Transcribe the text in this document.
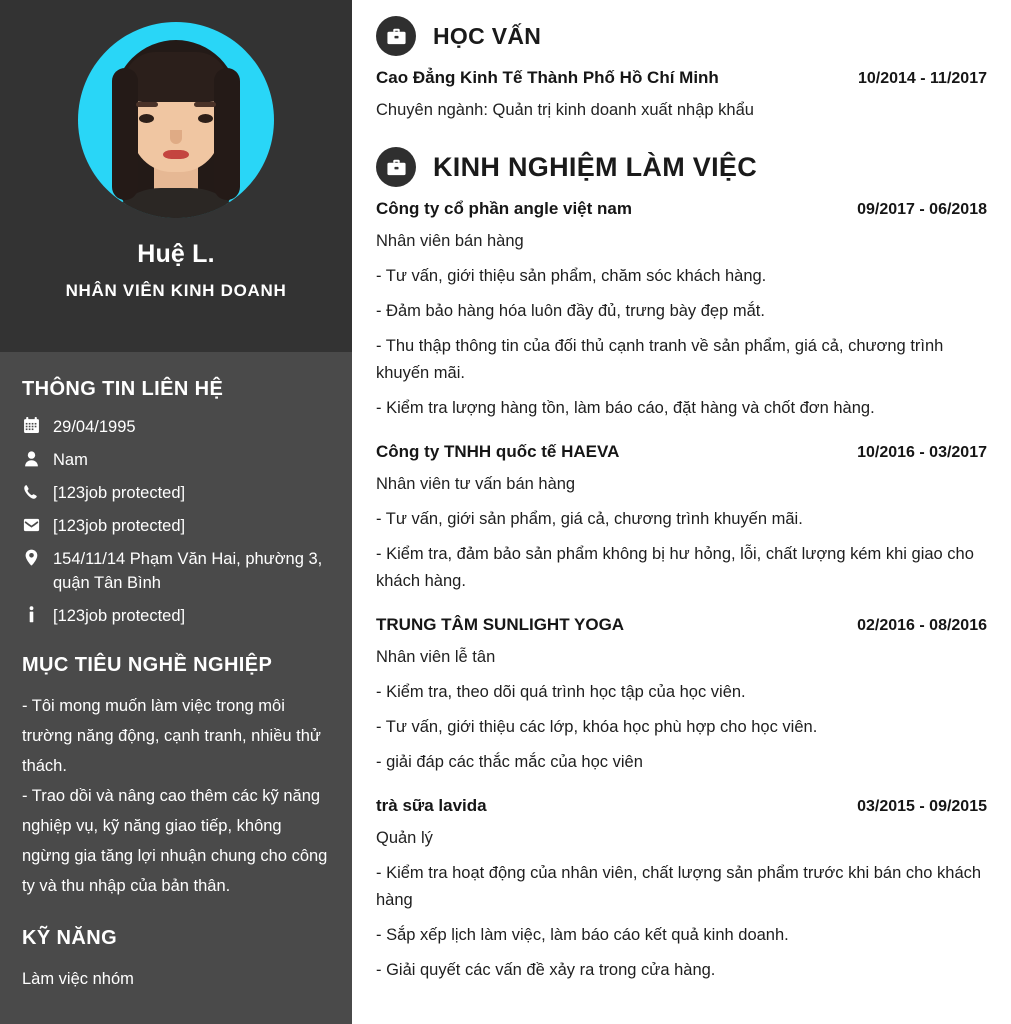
Huệ L.
NHÂN VIÊN KINH DOANH
THÔNG TIN LIÊN HỆ
29/04/1995
Nam
[123job protected]
[123job protected]
154/11/14 Phạm Văn Hai, phường 3, quận Tân Bình
[123job protected]
MỤC TIÊU NGHỀ NGHIỆP

- Tôi mong muốn làm việc trong môi trường năng động, cạnh tranh, nhiều thử thách.

- Trao dồi và nâng cao thêm các kỹ năng nghiệp vụ, kỹ năng giao tiếp, không ngừng gia tăng lợi nhuận chung cho công ty và thu nhập của bản thân.

KỸ NĂNG

Làm việc nhóm

HỌC VẤN
Cao Đẳng Kinh Tế Thành Phố Hồ Chí Minh	10/2014 - 11/2017
Chuyên ngành: Quản trị kinh doanh xuất nhập khẩu
KINH NGHIỆM LÀM VIỆC
Công ty cổ phần angle việt nam	09/2017 - 06/2018
Nhân viên bán hàng
- Tư vấn, giới thiệu sản phẩm, chăm sóc khách hàng.
- Đảm bảo hàng hóa luôn đầy đủ, trưng bày đẹp mắt.
- Thu thập thông tin của đối thủ cạnh tranh về sản phẩm, giá cả, chương trình khuyến mãi.
- Kiểm tra lượng hàng tồn, làm báo cáo, đặt hàng và chốt đơn hàng.
Công ty TNHH quốc tế HAEVA	10/2016 - 03/2017
Nhân viên tư vấn bán hàng
- Tư vấn, giới sản phẩm, giá cả, chương trình khuyến mãi.
- Kiểm tra, đảm bảo sản phẩm không bị hư hỏng, lỗi, chất lượng kém khi giao cho khách hàng.
TRUNG TÂM SUNLIGHT YOGA	02/2016 - 08/2016
Nhân viên lễ tân
- Kiểm tra, theo dõi quá trình học tập của học viên.
- Tư vấn, giới thiệu các lớp, khóa học phù hợp cho học viên.
- giải đáp các thắc mắc của học viên
trà sữa lavida	03/2015 - 09/2015
Quản lý
- Kiểm tra hoạt động của nhân viên, chất lượng sản phẩm trước khi bán cho khách hàng
- Sắp xếp lịch làm việc, làm báo cáo kết quả kinh doanh.
- Giải quyết các vấn đề xảy ra trong cửa hàng.
